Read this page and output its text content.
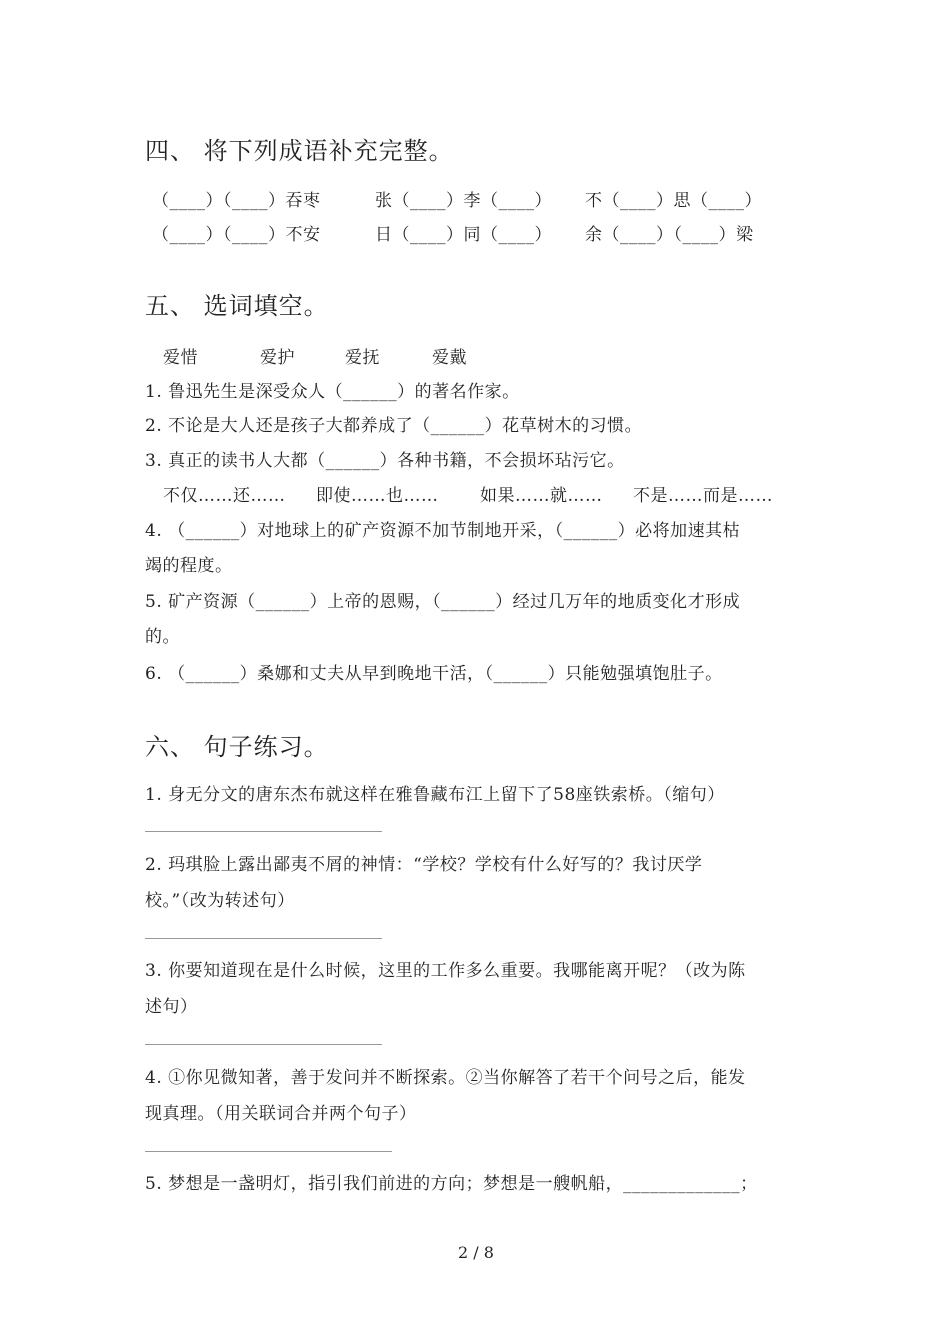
四、 将下列成语补充完整。
（____）（____）吞枣	张（____）李（____） 不（____）思（____）
（____）（____）不安	日（____）同（____） 余（____）（____）梁
五、 选词填空。
爱惜	爱护	爱抚	爱戴
1. 鲁迅先生是深受众人（______）的著名作家。
2. 不论是大人还是孩子大都养成了（______）花草树木的习惯。
3. 真正的读书人大都（______）各种书籍，不会损坏玷污它。
不仅……还…… 即使……也…… 如果……就…… 不是……而是……
4. （______）对地球上的矿产资源不加节制地开采，（______）必将加速其枯
竭的程度。
5. 矿产资源（______）上帝的恩赐，（______）经过几万年的地质变化才形成
的。
6. （______）桑娜和丈夫从早到晚地干活，（______）只能勉强填饱肚子。
六、 句子练习。
1. 身无分文的唐东杰布就这样在雅鲁藏布江上留下了58座铁索桥。（缩句）
2. 玛琪脸上露出鄙夷不屑的神情：“学校？学校有什么好写的？我讨厌学
校。”（改为转述句）
3. 你要知道现在是什么时候，这里的工作多么重要。我哪能离开呢？（改为陈
述句）
4. ①你见微知著，善于发问并不断探索。②当你解答了若干个问号之后，能发
现真理。（用关联词合并两个句子）
5. 梦想是一盏明灯，指引我们前进的方向；梦想是一艘帆船，_____________；
2 / 8
